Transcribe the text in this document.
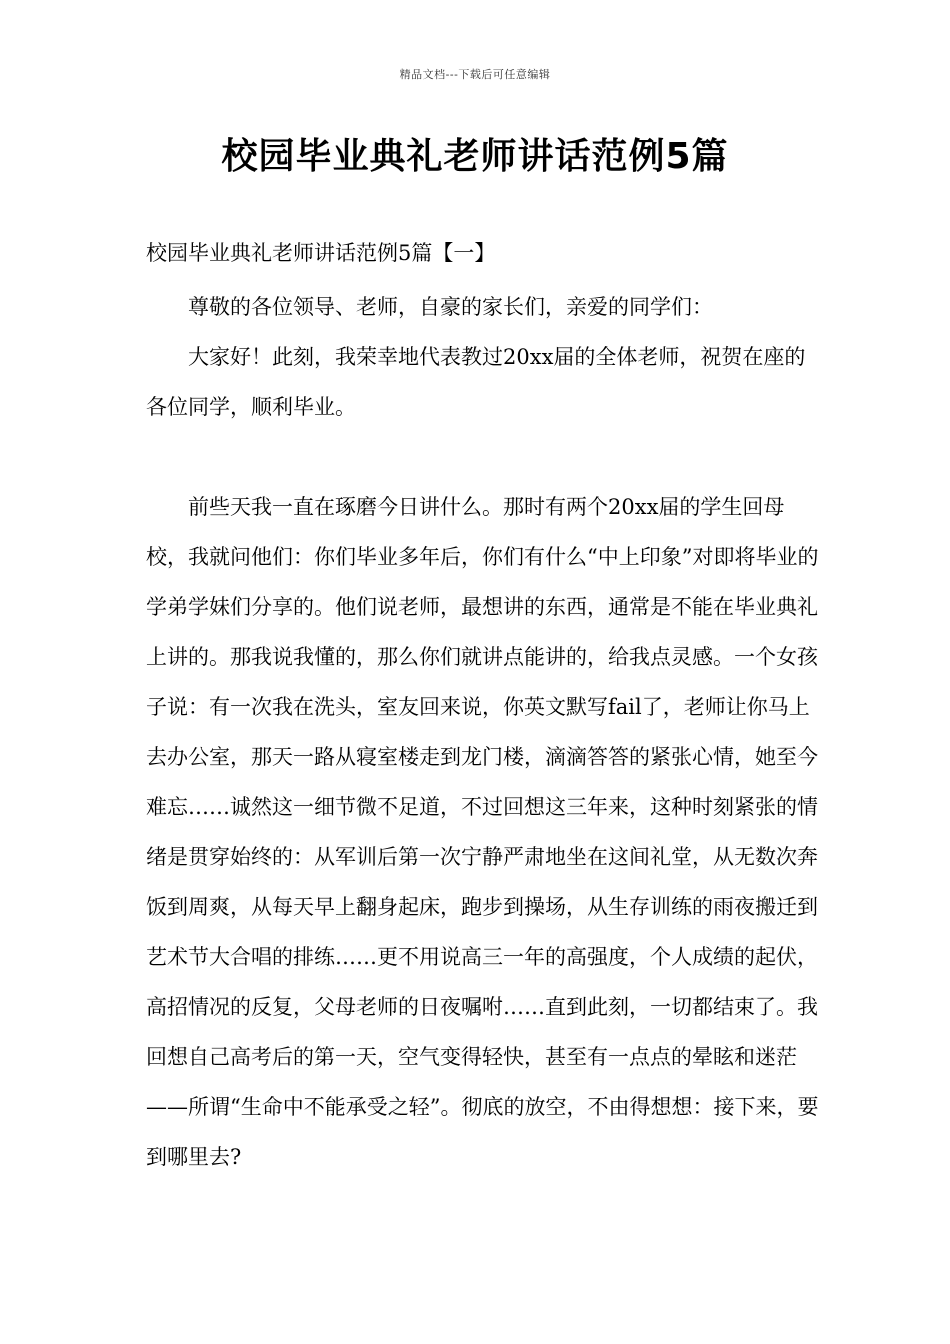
精品文档---下载后可任意编辑
校园毕业典礼老师讲话范例5篇

校园毕业典礼老师讲话范例5篇【一】

尊敬的各位领导、老师，自豪的家长们，亲爱的同学们：

大家好！此刻，我荣幸地代表教过20xx届的全体老师，祝贺在座的各位同学，顺利毕业。

前些天我一直在琢磨今日讲什么。那时有两个20xx届的学生回母校，我就问他们：你们毕业多年后，你们有什么“中上印象”对即将毕业的学弟学妹们分享的。他们说老师，最想讲的东西，通常是不能在毕业典礼上讲的。那我说我懂的，那么你们就讲点能讲的，给我点灵感。一个女孩子说：有一次我在洗头，室友回来说，你英文默写fail了，老师让你马上去办公室，那天一路从寝室楼走到龙门楼，滴滴答答的紧张心情，她至今难忘……诚然这一细节微不足道，不过回想这三年来，这种时刻紧张的情绪是贯穿始终的：从军训后第一次宁静严肃地坐在这间礼堂，从无数次奔饭到周爽，从每天早上翻身起床，跑步到操场，从生存训练的雨夜搬迁到艺术节大合唱的排练……更不用说高三一年的高强度，个人成绩的起伏，高招情况的反复，父母老师的日夜嘱咐……直到此刻，一切都结束了。我回想自己高考后的第一天，空气变得轻快，甚至有一点点的晕眩和迷茫——所谓“生命中不能承受之轻”。彻底的放空，不由得想想：接下来，要到哪里去?
